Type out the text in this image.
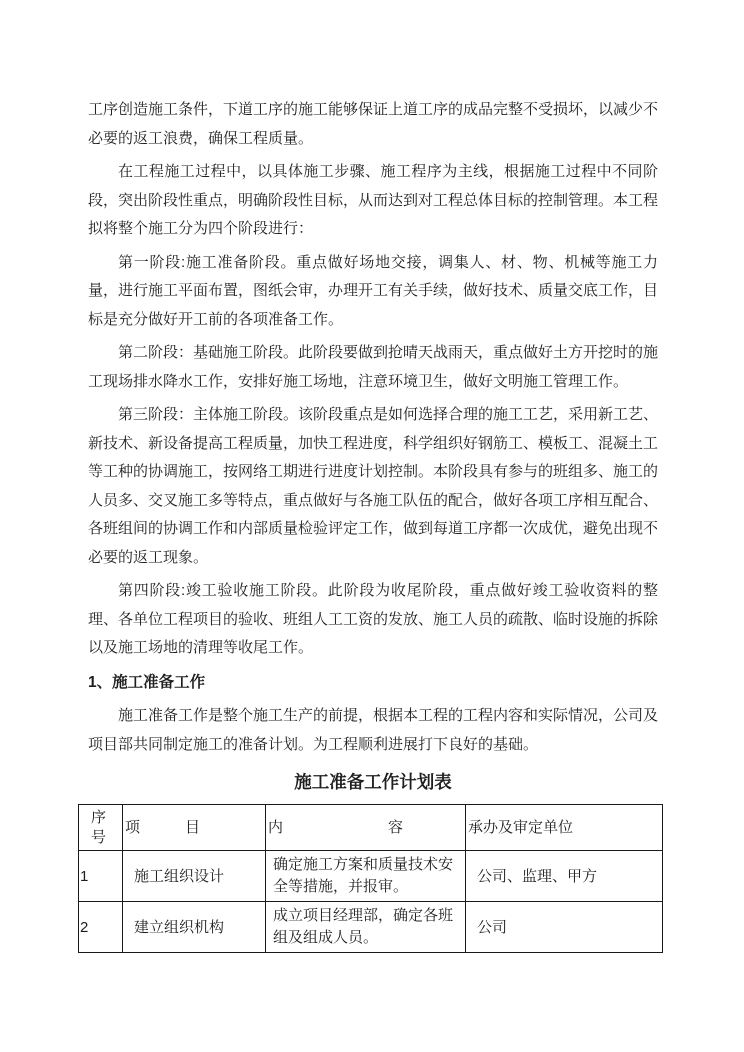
工序创造施工条件，下道工序的施工能够保证上道工序的成品完整不受损坏，以减少不必要的返工浪费，确保工程质量。

在工程施工过程中，以具体施工步骤、施工程序为主线，根据施工过程中不同阶段，突出阶段性重点，明确阶段性目标，从而达到对工程总体目标的控制管理。本工程拟将整个施工分为四个阶段进行：

第一阶段:施工准备阶段。重点做好场地交接，调集人、材、物、机械等施工力量，进行施工平面布置，图纸会审，办理开工有关手续，做好技术、质量交底工作，目标是充分做好开工前的各项准备工作。

第二阶段：基础施工阶段。此阶段要做到抢晴天战雨天，重点做好土方开挖时的施工现场排水降水工作，安排好施工场地，注意环境卫生，做好文明施工管理工作。

第三阶段：主体施工阶段。该阶段重点是如何选择合理的施工工艺，采用新工艺、新技术、新设备提高工程质量，加快工程进度，科学组织好钢筋工、模板工、混凝土工等工种的协调施工，按网络工期进行进度计划控制。本阶段具有参与的班组多、施工的人员多、交叉施工多等特点，重点做好与各施工队伍的配合，做好各项工序相互配合、各班组间的协调工作和内部质量检验评定工作，做到每道工序都一次成优，避免出现不必要的返工现象。

第四阶段:竣工验收施工阶段。此阶段为收尾阶段，重点做好竣工验收资料的整理、各单位工程项目的验收、班组人工工资的发放、施工人员的疏散、临时设施的拆除以及施工场地的清理等收尾工作。

1、施工准备工作

施工准备工作是整个施工生产的前提，根据本工程的工程内容和实际情况，公司及项目部共同制定施工的准备计划。为工程顺利进展打下良好的基础。

施工准备工作计划表
序号	项　　　目	内　　　　　　　容	承办及审定单位
1	施工组织设计	确定施工方案和质量技术安全等措施，并报审。	公司、监理、甲方
2	建立组织机构	成立项目经理部，确定各班组及组成人员。	公司
